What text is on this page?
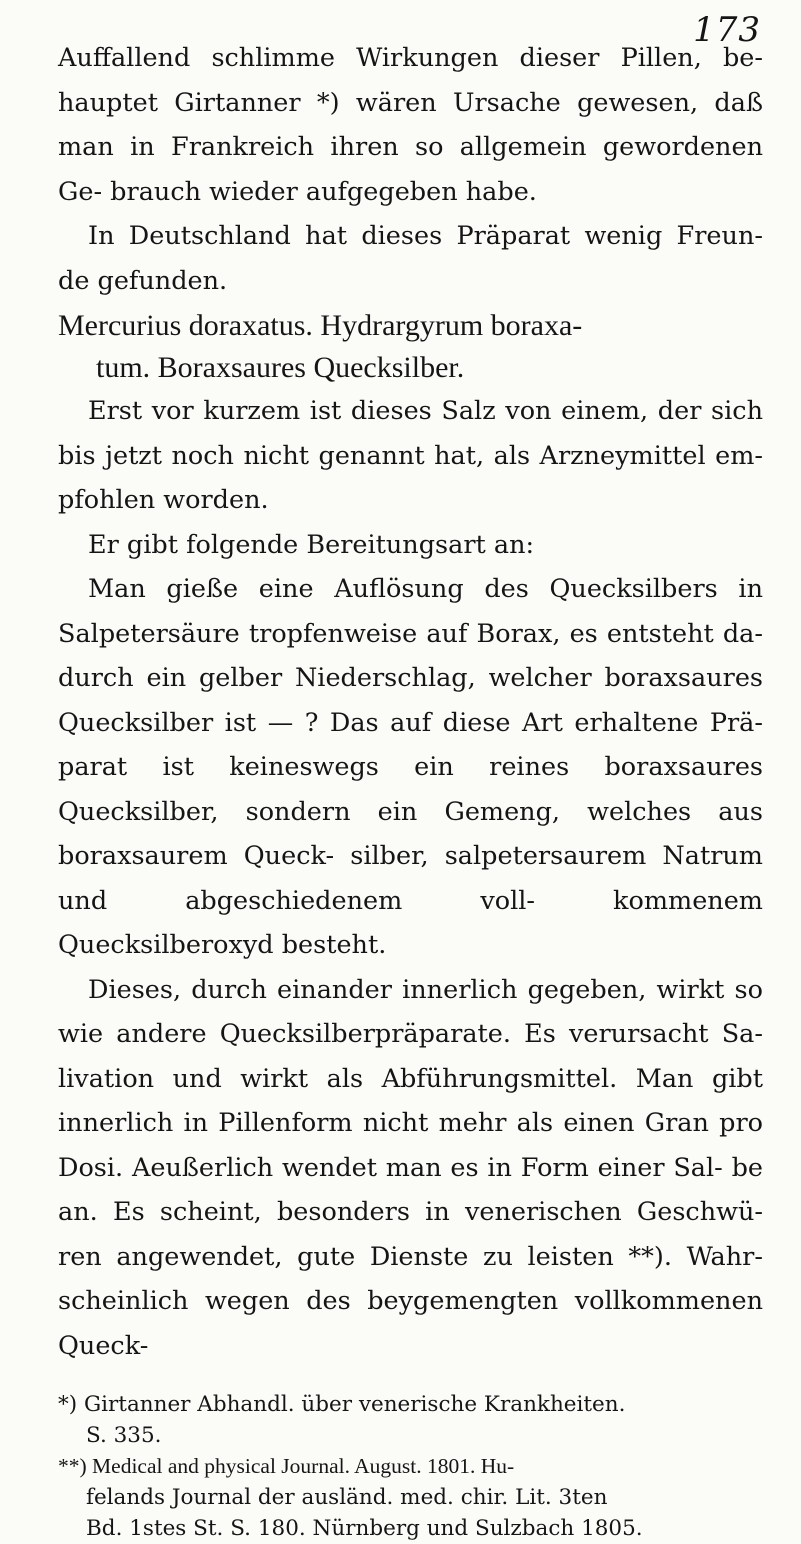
173

Auffallend schlimme Wirkungen dieser Pillen, be- hauptet Girtanner *) wären Ursache gewesen, daß man in Frankreich ihren so allgemein gewordenen Ge- brauch wieder aufgegeben habe.

In Deutschland hat dieses Präparat wenig Freun- de gefunden.

Mercurius doraxatus. Hydrargyrum boraxa-
tum. Boraxsaures Quecksilber.

Erst vor kurzem ist dieses Salz von einem, der sich bis jetzt noch nicht genannt hat, als Arzneymittel em- pfohlen worden.

Er gibt folgende Bereitungsart an:

Man gieße eine Auflösung des Quecksilbers in Salpetersäure tropfenweise auf Borax, es entsteht da- durch ein gelber Niederschlag, welcher boraxsaures Quecksilber ist — ? Das auf diese Art erhaltene Prä- parat ist keineswegs ein reines boraxsaures Quecksilber, sondern ein Gemeng, welches aus boraxsaurem Queck- silber, salpetersaurem Natrum und abgeschiedenem voll- kommenem Quecksilberoxyd besteht.

Dieses, durch einander innerlich gegeben, wirkt so wie andere Quecksilberpräparate. Es verursacht Sa- livation und wirkt als Abführungsmittel. Man gibt innerlich in Pillenform nicht mehr als einen Gran pro Dosi. Aeußerlich wendet man es in Form einer Sal- be an. Es scheint, besonders in venerischen Geschwü- ren angewendet, gute Dienste zu leisten **). Wahr- scheinlich wegen des beygemengten vollkommenen Queck-

*) Girtanner Abhandl. über venerische Krankheiten.

S. 335.

**) Medical and physical Journal. August. 1801. Hu-

felands Journal der ausländ. med. chir. Lit. 3ten

Bd. 1stes St. S. 180. Nürnberg und Sulzbach 1805.
